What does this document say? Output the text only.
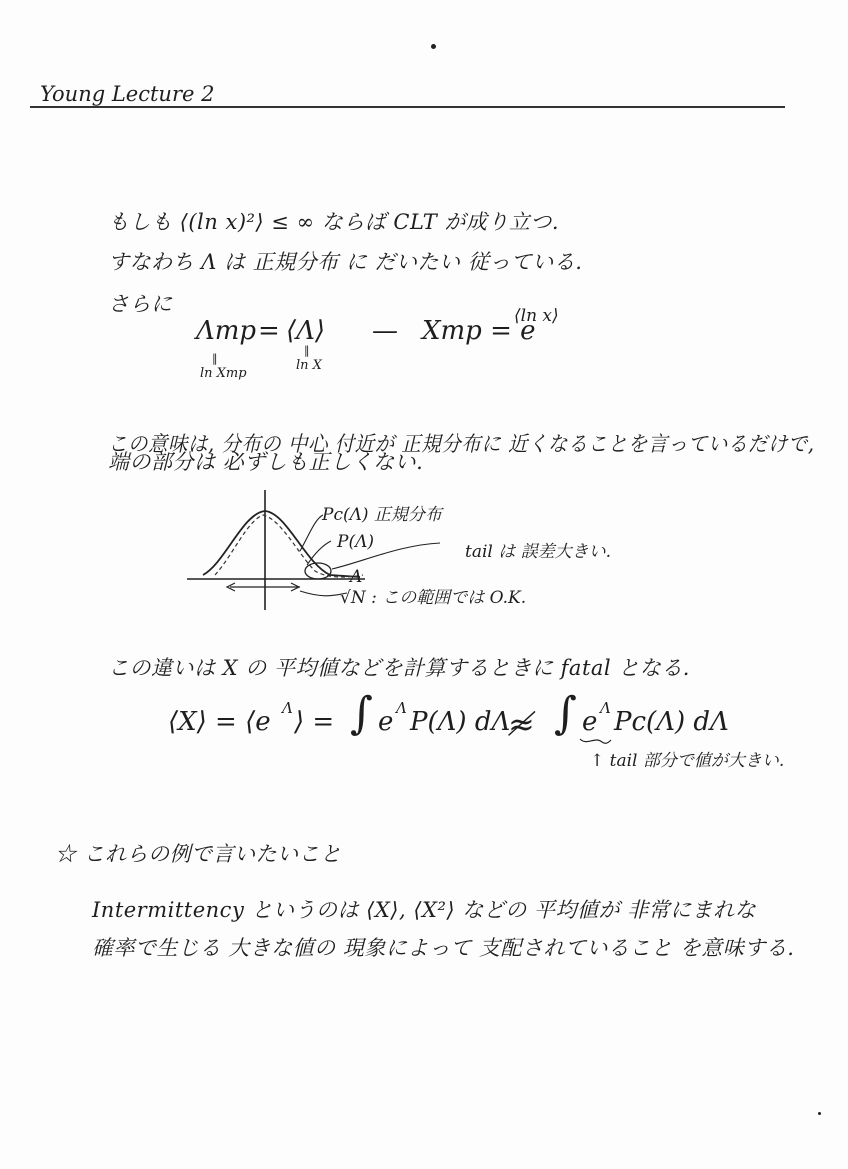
Young Lecture 2
もしも ⟨(ln x)²⟩ ≤ ∞ ならば CLT が成り立つ.
すなわち Λ は 正規分布 に だいたい 従っている.
さらに
Λmp = ⟨Λ⟩ — Xmp = e
⟨ln x⟩
‖
ln Xmp
‖
ln X
この意味は, 分布の 中心 付近が 正規分布に 近くなることを言っているだけで,
端の部分は 必ずしも正しくない.
Pc(Λ) 正規分布
P(Λ)	tail は 誤差大きい.
Λ
√N : この範囲では O.K.
この違いは X の 平均値などを計算するときに fatal となる.
⟨X⟩ = ⟨e Λ ⟩ = ∫ e Λ P(Λ) dΛ
≉ ∫ e Λ Pc(Λ) dΛ
↑ tail 部分で値が大きい.
☆ これらの例で言いたいこと
Intermittency というのは ⟨X⟩, ⟨X²⟩ などの 平均値が 非常にまれな
確率で生じる 大きな値の 現象によって 支配されていること を意味する.
